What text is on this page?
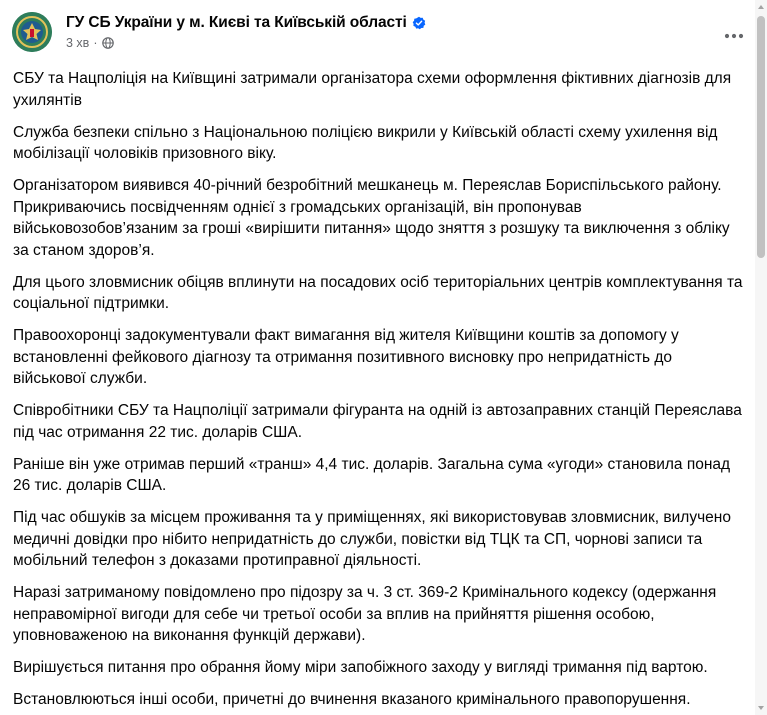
ГУ СБ України у м. Києві та Київській області
3 хв ·

СБУ та Нацполіція на Київщині затримали організатора схеми оформлення фіктивних діагнозів для ухилянтів

Служба безпеки спільно з Національною поліцією викрили у Київській області схему ухилення від мобілізації чоловіків призовного віку.

Організатором виявився 40-річний безробітний мешканець м. Переяслав Бориспільського району. Прикриваючись посвідченням однієї з громадських організацій, він пропонував військовозобов’язаним за гроші «вирішити питання» щодо зняття з розшуку та виключення з обліку за станом здоров’я.

Для цього зловмисник обіцяв вплинути на посадових осіб територіальних центрів комплектування та соціальної підтримки.

Правоохоронці задокументували факт вимагання від жителя Київщини коштів за допомогу у встановленні фейкового діагнозу та отримання позитивного висновку про непридатність до військової служби.

Співробітники СБУ та Нацполіції затримали фігуранта на одній із автозаправних станцій Переяслава під час отримання 22 тис. доларів США.

Раніше він уже отримав перший «транш» 4,4 тис. доларів. Загальна сума «угоди» становила понад 26 тис. доларів США.

Під час обшуків за місцем проживання та у приміщеннях, які використовував зловмисник, вилучено медичні довідки про нібито непридатність до служби, повістки від ТЦК та СП, чорнові записи та мобільний телефон з доказами протиправної діяльності.

Наразі затриманому повідомлено про підозру за ч. 3 ст. 369-2 Кримінального кодексу (одержання неправомірної вигоди для себе чи третьої особи за вплив на прийняття рішення особою, уповноваженою на виконання функцій держави).

Вирішується питання про обрання йому міри запобіжного заходу у вигляді тримання під вартою.

Встановлюються інші особи, причетні до вчинення вказаного кримінального правопорушення.
